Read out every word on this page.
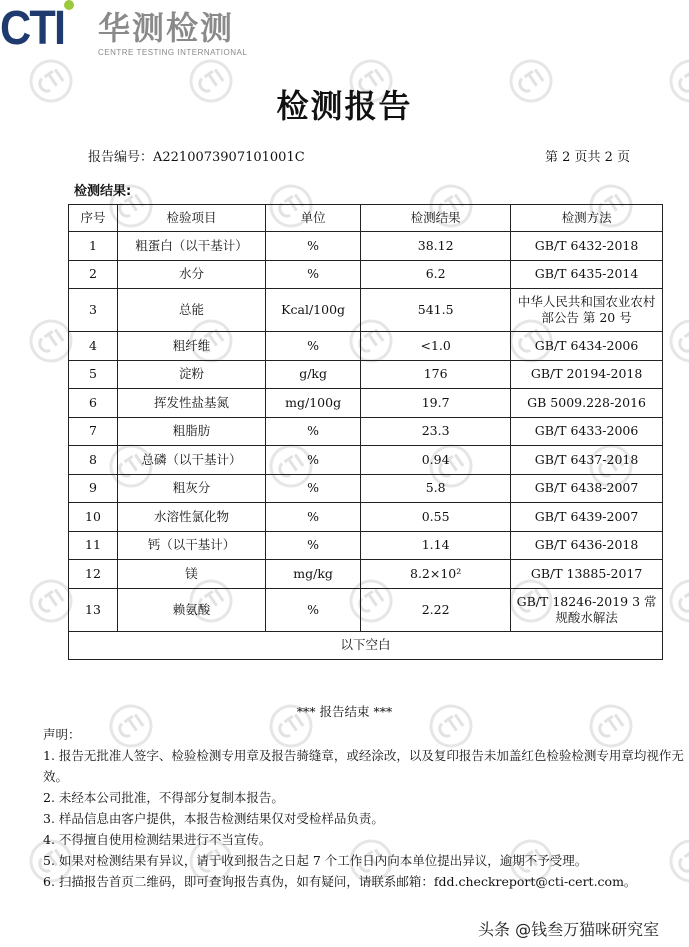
CTI 华测检测
CENTRE TESTING INTERNATIONAL
检测报告
报告编号：A2210073907101001C	第 2 页共 2 页
检测结果:
序号	检验项目	单位	检测结果	检测方法
1	粗蛋白（以干基计）	%	38.12	GB/T 6432-2018
2	水分	%	6.2	GB/T 6435-2014
3	总能	Kcal/100g	541.5	中华人民共和国农业农村部公告 第 20 号
4	粗纤维	%	<1.0	GB/T 6434-2006
5	淀粉	g/kg	176	GB/T 20194-2018
6	挥发性盐基氮	mg/100g	19.7	GB 5009.228-2016
7	粗脂肪	%	23.3	GB/T 6433-2006
8	总磷（以干基计）	%	0.94	GB/T 6437-2018
9	粗灰分	%	5.8	GB/T 6438-2007
10	水溶性氯化物	%	0.55	GB/T 6439-2007
11	钙（以干基计）	%	1.14	GB/T 6436-2018
12	镁	mg/kg	8.2×10²	GB/T 13885-2017
13	赖氨酸	%	2.22	GB/T 18246-2019 3 常规酸水解法
以下空白				
*** 报告结束 ***

声明：

1. 报告无批准人签字、检验检测专用章及报告骑缝章，或经涂改，以及复印报告未加盖红色检验检测专用章均视作无效。

2. 未经本公司批准，不得部分复制本报告。

3. 样品信息由客户提供，本报告检测结果仅对受检样品负责。

4. 不得擅自使用检测结果进行不当宣传。

5. 如果对检测结果有异议，请于收到报告之日起 7 个工作日内向本单位提出异议，逾期不予受理。

6. 扫描报告首页二维码，即可查询报告真伪，如有疑问，请联系邮箱：fdd.checkreport@cti-cert.com。

头条 @钱叁万猫咪研究室
